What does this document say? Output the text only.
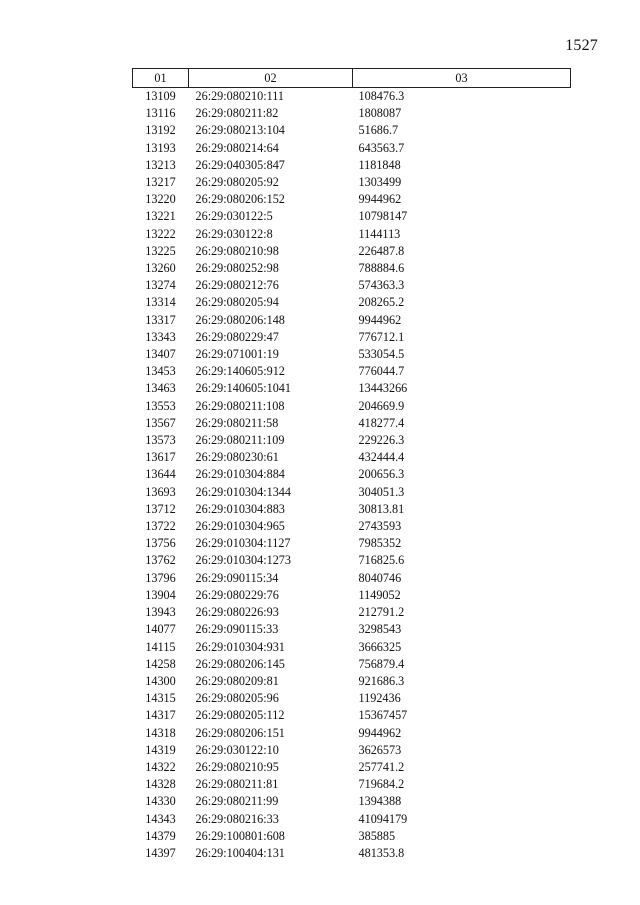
1527
01	02	03
13109	26:29:080210:111	108476.3
13116	26:29:080211:82	1808087
13192	26:29:080213:104	51686.7
13193	26:29:080214:64	643563.7
13213	26:29:040305:847	1181848
13217	26:29:080205:92	1303499
13220	26:29:080206:152	9944962
13221	26:29:030122:5	10798147
13222	26:29:030122:8	1144113
13225	26:29:080210:98	226487.8
13260	26:29:080252:98	788884.6
13274	26:29:080212:76	574363.3
13314	26:29:080205:94	208265.2
13317	26:29:080206:148	9944962
13343	26:29:080229:47	776712.1
13407	26:29:071001:19	533054.5
13453	26:29:140605:912	776044.7
13463	26:29:140605:1041	13443266
13553	26:29:080211:108	204669.9
13567	26:29:080211:58	418277.4
13573	26:29:080211:109	229226.3
13617	26:29:080230:61	432444.4
13644	26:29:010304:884	200656.3
13693	26:29:010304:1344	304051.3
13712	26:29:010304:883	30813.81
13722	26:29:010304:965	2743593
13756	26:29:010304:1127	7985352
13762	26:29:010304:1273	716825.6
13796	26:29:090115:34	8040746
13904	26:29:080229:76	1149052
13943	26:29:080226:93	212791.2
14077	26:29:090115:33	3298543
14115	26:29:010304:931	3666325
14258	26:29:080206:145	756879.4
14300	26:29:080209:81	921686.3
14315	26:29:080205:96	1192436
14317	26:29:080205:112	15367457
14318	26:29:080206:151	9944962
14319	26:29:030122:10	3626573
14322	26:29:080210:95	257741.2
14328	26:29:080211:81	719684.2
14330	26:29:080211:99	1394388
14343	26:29:080216:33	41094179
14379	26:29:100801:608	385885
14397	26:29:100404:131	481353.8
